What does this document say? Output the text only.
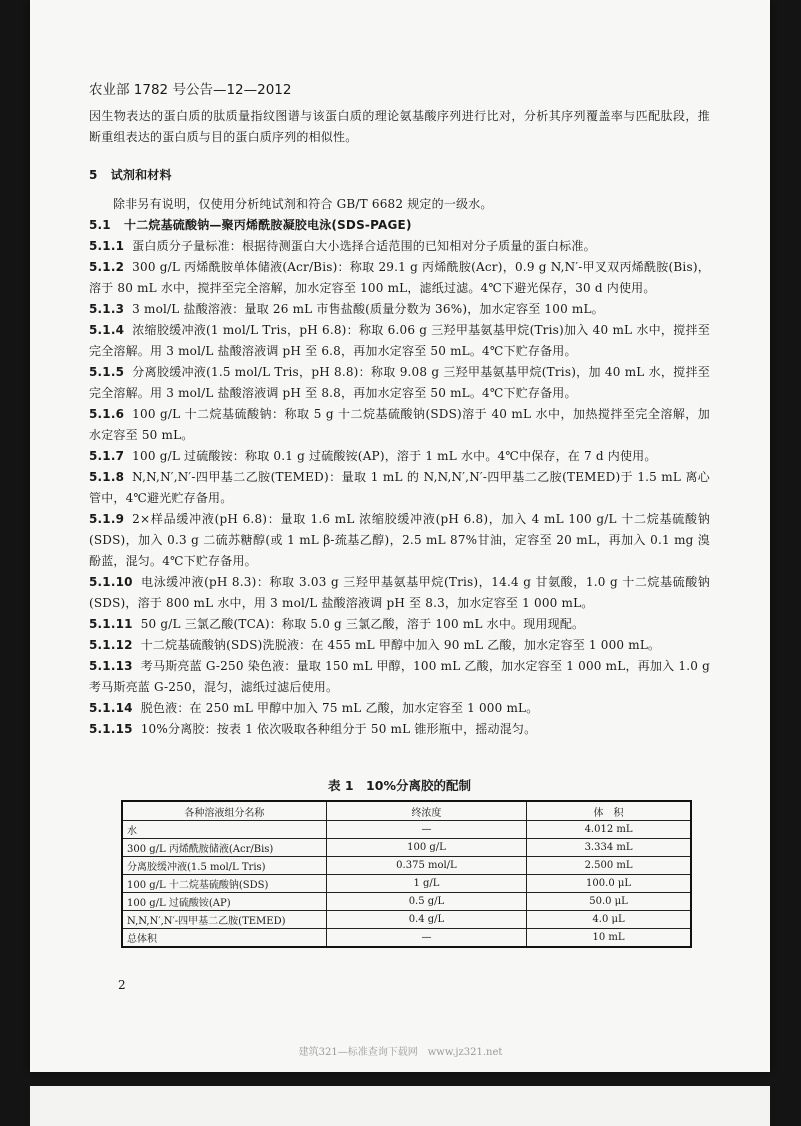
农业部 1782 号公告—12—2012
因生物表达的蛋白质的肽质量指纹图谱与该蛋白质的理论氨基酸序列进行比对，分析其序列覆盖率与匹配肽段，推断重组表达的蛋白质与目的蛋白质序列的相似性。
5 试剂和材料
除非另有说明，仅使用分析纯试剂和符合 GB/T 6682 规定的一级水。
5.1 十二烷基硫酸钠—聚丙烯酰胺凝胶电泳(SDS-PAGE)
5.1.1 蛋白质分子量标准：根据待测蛋白大小选择合适范围的已知相对分子质量的蛋白标准。
5.1.2 300 g/L 丙烯酰胺单体储液(Acr/Bis)：称取 29.1 g 丙烯酰胺(Acr)，0.9 g N,N′-甲叉双丙烯酰胺(Bis)，溶于 80 mL 水中，搅拌至完全溶解，加水定容至 100 mL，滤纸过滤。4℃下避光保存，30 d 内使用。
5.1.3 3 mol/L 盐酸溶液：量取 26 mL 市售盐酸(质量分数为 36%)，加水定容至 100 mL。
5.1.4 浓缩胶缓冲液(1 mol/L Tris，pH 6.8)：称取 6.06 g 三羟甲基氨基甲烷(Tris)加入 40 mL 水中，搅拌至完全溶解。用 3 mol/L 盐酸溶液调 pH 至 6.8，再加水定容至 50 mL。4℃下贮存备用。
5.1.5 分离胶缓冲液(1.5 mol/L Tris，pH 8.8)：称取 9.08 g 三羟甲基氨基甲烷(Tris)，加 40 mL 水，搅拌至完全溶解。用 3 mol/L 盐酸溶液调 pH 至 8.8，再加水定容至 50 mL。4℃下贮存备用。
5.1.6 100 g/L 十二烷基硫酸钠：称取 5 g 十二烷基硫酸钠(SDS)溶于 40 mL 水中，加热搅拌至完全溶解，加水定容至 50 mL。
5.1.7 100 g/L 过硫酸铵：称取 0.1 g 过硫酸铵(AP)，溶于 1 mL 水中。4℃中保存，在 7 d 内使用。
5.1.8 N,N,N′,N′-四甲基二乙胺(TEMED)：量取 1 mL 的 N,N,N′,N′-四甲基二乙胺(TEMED)于 1.5 mL 离心管中，4℃避光贮存备用。
5.1.9 2×样品缓冲液(pH 6.8)：量取 1.6 mL 浓缩胶缓冲液(pH 6.8)，加入 4 mL 100 g/L 十二烷基硫酸钠(SDS)，加入 0.3 g 二硫苏糖醇(或 1 mL β-巯基乙醇)，2.5 mL 87%甘油，定容至 20 mL，再加入 0.1 mg 溴酚蓝，混匀。4℃下贮存备用。
5.1.10 电泳缓冲液(pH 8.3)：称取 3.03 g 三羟甲基氨基甲烷(Tris)，14.4 g 甘氨酸，1.0 g 十二烷基硫酸钠(SDS)，溶于 800 mL 水中，用 3 mol/L 盐酸溶液调 pH 至 8.3，加水定容至 1 000 mL。
5.1.11 50 g/L 三氯乙酸(TCA)：称取 5.0 g 三氯乙酸，溶于 100 mL 水中。现用现配。
5.1.12 十二烷基硫酸钠(SDS)洗脱液：在 455 mL 甲醇中加入 90 mL 乙酸，加水定容至 1 000 mL。
5.1.13 考马斯亮蓝 G-250 染色液：量取 150 mL 甲醇，100 mL 乙酸，加水定容至 1 000 mL，再加入 1.0 g 考马斯亮蓝 G-250，混匀，滤纸过滤后使用。
5.1.14 脱色液：在 250 mL 甲醇中加入 75 mL 乙酸，加水定容至 1 000 mL。
5.1.15 10%分离胶：按表 1 依次吸取各种组分于 50 mL 锥形瓶中，摇动混匀。
表 1　10%分离胶的配制
各种溶液组分名称	终浓度	体　积
水	—	4.012 mL
300 g/L 丙烯酰胺储液(Acr/Bis)	100 g/L	3.334 mL
分离胶缓冲液(1.5 mol/L Tris)	0.375 mol/L	2.500 mL
100 g/L 十二烷基硫酸钠(SDS)	1 g/L	100.0 μL
100 g/L 过硫酸铵(AP)	0.5 g/L	50.0 μL
N,N,N′,N′-四甲基二乙胺(TEMED)	0.4 g/L	4.0 μL
总体积	—	10 mL
2
建筑321—标准查询下载网　www.jz321.net
